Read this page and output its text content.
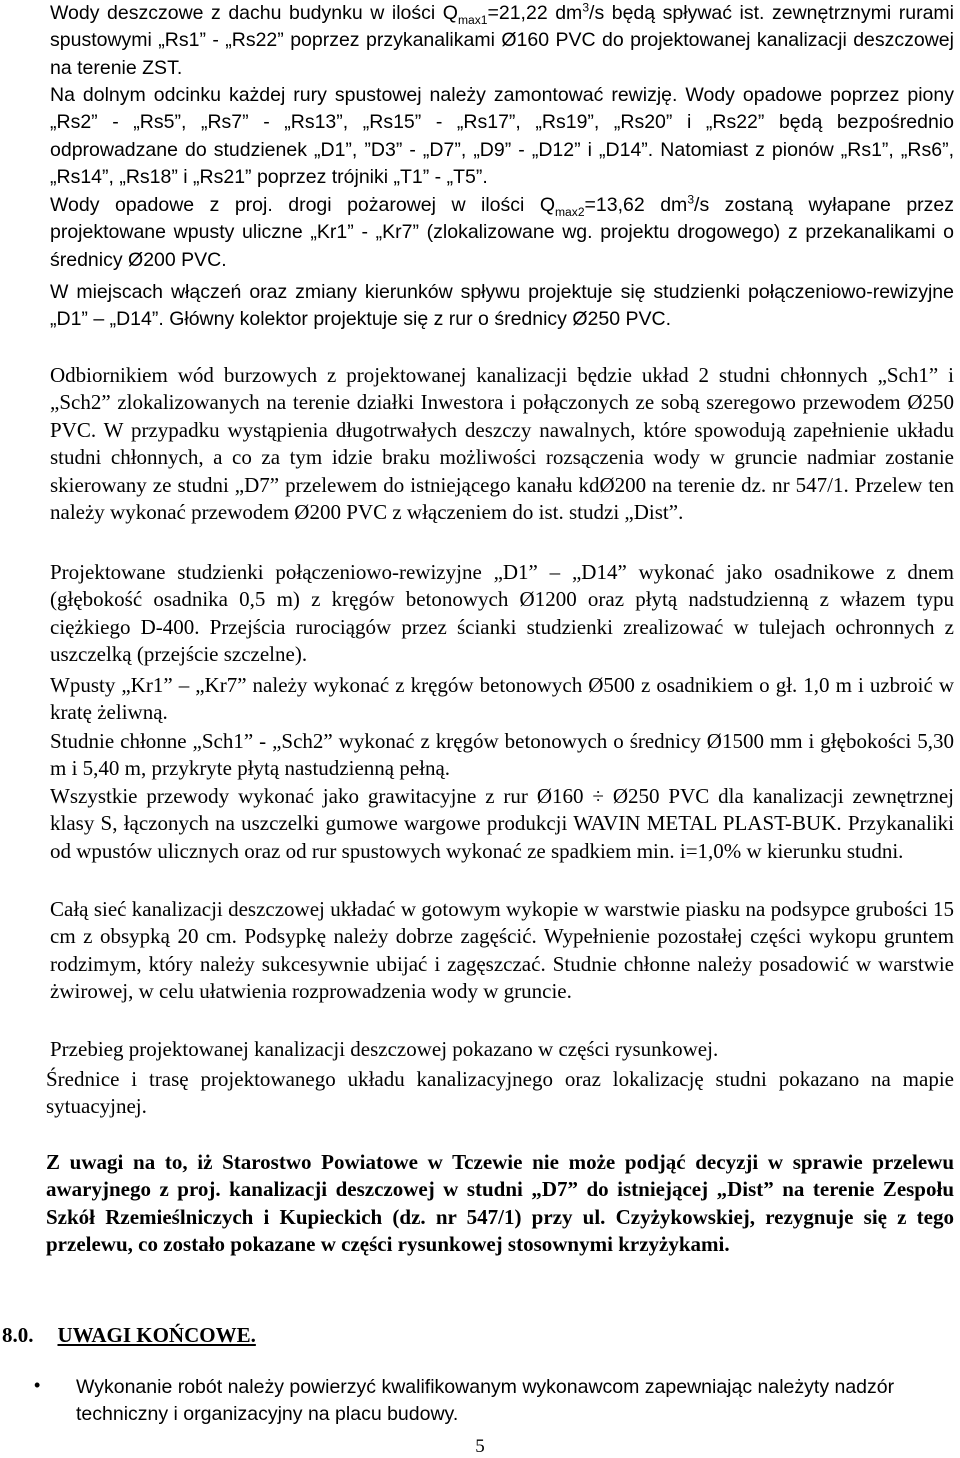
Wody deszczowe z dachu budynku w ilości $Q_{max1}=21,22$ $dm^3/s$ będą spływać ist. zewnętrznymi rurami spustowymi „Rs1” - „Rs22” poprzez przykanalikami Ø160 PVC do projektowanej kanalizacji deszczowej na terenie ZST.

Na dolnym odcinku każdej rury spustowej należy zamontować rewizję. Wody opadowe poprzez piony „Rs2” - „Rs5”, „Rs7” - „Rs13”, „Rs15” - „Rs17”, „Rs19”, „Rs20” i „Rs22” będą bezpośrednio odprowadzane do studzienek „D1”, ”D3” - „D7”, „D9” - „D12” i „D14”. Natomiast z pionów „Rs1”, „Rs6”, „Rs14”, „Rs18” i „Rs21” poprzez trójniki „T1” - „T5”.

Wody opadowe z proj. drogi pożarowej w ilości $Q_{max2}=13,62$ $dm^3/s$ zostaną wyłapane przez projektowane wpusty uliczne „Kr1” - „Kr7” (zlokalizowane wg. projektu drogowego) z przekanalikami o średnicy Ø200 PVC.

W miejscach włączeń oraz zmiany kierunków spływu projektuje się studzienki połączeniowo-rewizyjne „D1” – „D14”. Główny kolektor projektuje się z rur o średnicy Ø250 PVC.

Odbiornikiem wód burzowych z projektowanej kanalizacji będzie układ 2 studni chłonnych „Sch1” i „Sch2” zlokalizowanych na terenie działki Inwestora i połączonych ze sobą szeregowo przewodem Ø250 PVC. W przypadku wystąpienia długotrwałych deszczy nawalnych, które spowodują zapełnienie układu studni chłonnych, a co za tym idzie braku możliwości rozsączenia wody w gruncie nadmiar zostanie skierowany ze studni „D7” przelewem do istniejącego kanału kdØ200 na terenie dz. nr 547/1. Przelew ten należy wykonać przewodem Ø200 PVC z włączeniem do ist. studzi „Dist”.

Projektowane studzienki połączeniowo-rewizyjne „D1” – „D14” wykonać jako osadnikowe z dnem (głębokość osadnika 0,5 m) z kręgów betonowych Ø1200 oraz płytą nadstudzienną z włazem typu ciężkiego D-400. Przejścia rurociągów przez ścianki studzienki zrealizować w tulejach ochronnych z uszczelką (przejście szczelne).

Wpusty „Kr1” – „Kr7” należy wykonać z kręgów betonowych Ø500 z osadnikiem o gł. 1,0 m i uzbroić w kratę żeliwną.

Studnie chłonne „Sch1” - „Sch2” wykonać z kręgów betonowych o średnicy Ø1500 mm i głębokości 5,30 m i 5,40 m, przykryte płytą nastudzienną pełną.

Wszystkie przewody wykonać jako grawitacyjne z rur Ø160 ÷ Ø250 PVC dla kanalizacji zewnętrznej klasy S, łączonych na uszczelki gumowe wargowe produkcji WAVIN METAL PLAST-BUK. Przykanaliki od wpustów ulicznych oraz od rur spustowych wykonać ze spadkiem min. i=1,0% w kierunku studni.

Całą sieć kanalizacji deszczowej układać w gotowym wykopie w warstwie piasku na podsypce grubości 15 cm z obsypką 20 cm. Podsypkę należy dobrze zagęścić. Wypełnienie pozostałej części wykopu gruntem rodzimym, który należy sukcesywnie ubijać i zagęszczać. Studnie chłonne należy posadowić w warstwie żwirowej, w celu ułatwienia rozprowadzenia wody w gruncie.

Przebieg projektowanej kanalizacji deszczowej pokazano w części rysunkowej.

Średnice i trasę projektowanego układu kanalizacyjnego oraz lokalizację studni pokazano na mapie sytuacyjnej.

Z uwagi na to, iż Starostwo Powiatowe w Tczewie nie może podjąć decyzji w sprawie przelewu awaryjnego z proj. kanalizacji deszczowej w studni „D7” do istniejącej „Dist” na terenie Zespołu Szkół Rzemieślniczych i Kupieckich (dz. nr 547/1) przy ul. Czyżykowskiej, rezygnuje się z tego przelewu, co zostało pokazane w części rysunkowej stosownymi krzyżykami.

8.0. UWAGI KOŃCOWE.

• Wykonanie robót należy powierzyć kwalifikowanym wykonawcom zapewniając należyty nadzór techniczny i organizacyjny na placu budowy.
5
